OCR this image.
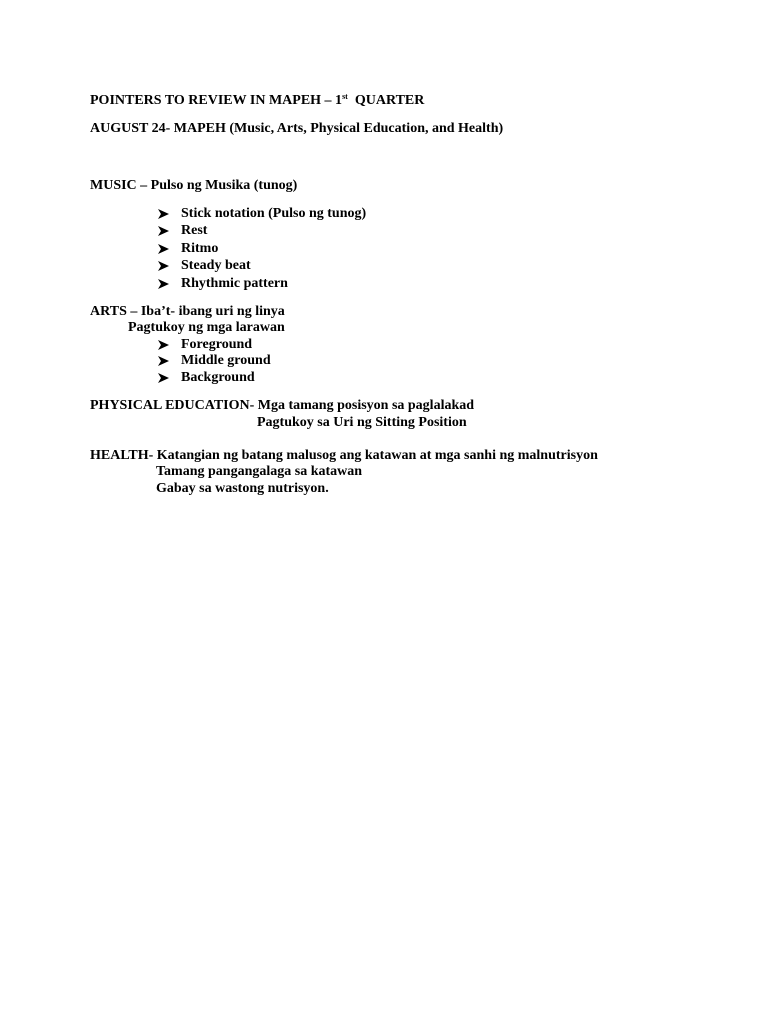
POINTERS TO REVIEW IN MAPEH – 1st QUARTER
AUGUST 24- MAPEH (Music, Arts, Physical Education, and Health)
MUSIC – Pulso ng Musika (tunog)
Stick notation (Pulso ng tunog)
Rest
Ritmo
Steady beat
Rhythmic pattern
ARTS – Iba’t- ibang uri ng linya
Pagtukoy ng mga larawan
Foreground
Middle ground
Background
PHYSICAL EDUCATION- Mga tamang posisyon sa paglalakad
Pagtukoy sa Uri ng Sitting Position
HEALTH- Katangian ng batang malusog ang katawan at mga sanhi ng malnutrisyon
Tamang pangangalaga sa katawan
Gabay sa wastong nutrisyon.
